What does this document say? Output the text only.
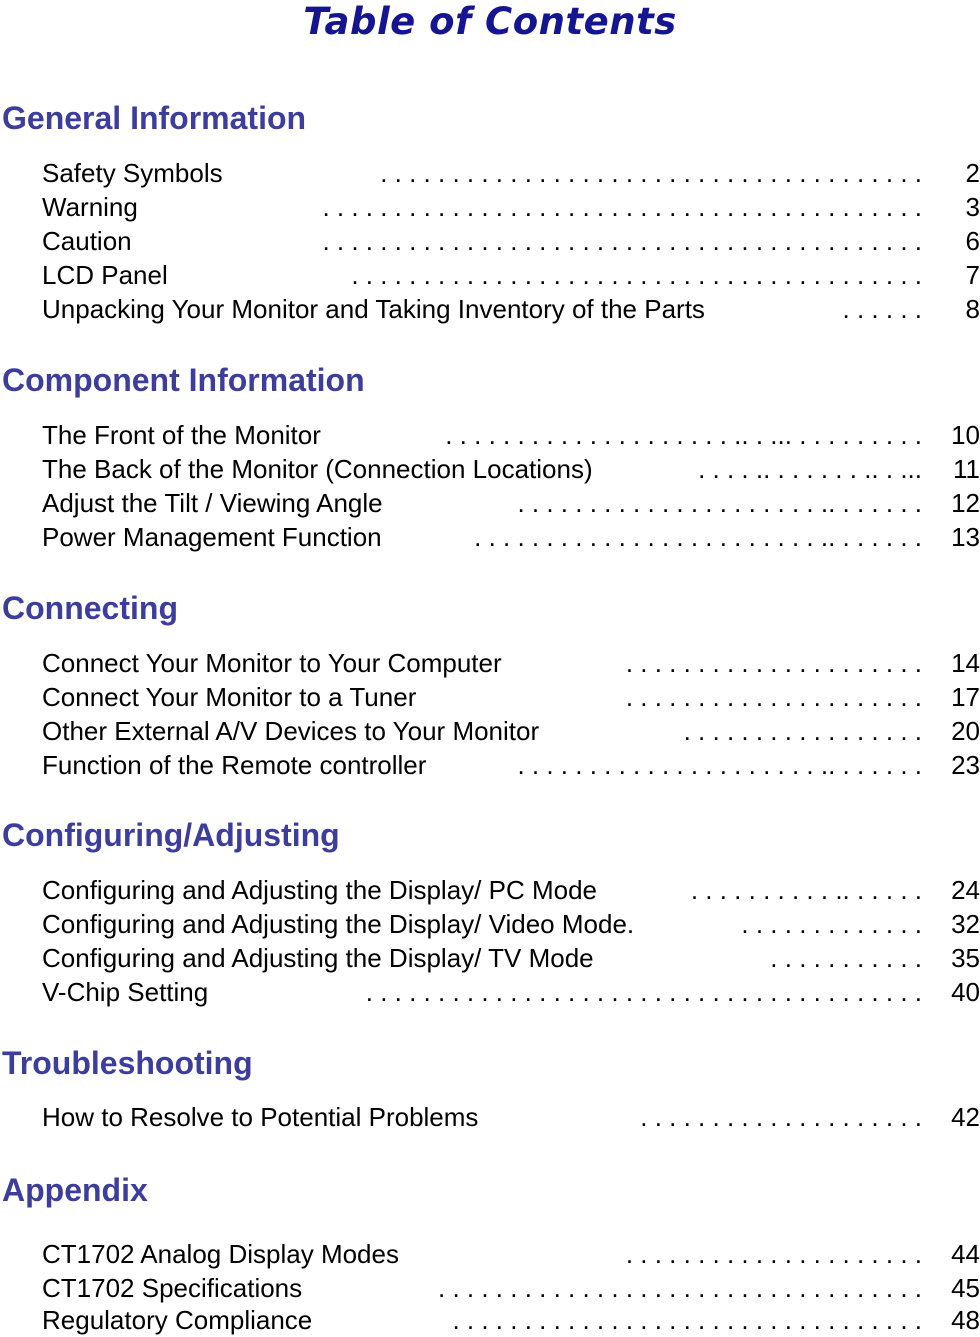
Table of Contents
General Information
Safety Symbols	. . . . . . . . . . . . . . . . . . . . . . . . . . . . . . . . . . . . . . 2
Warning	. . . . . . . . . . . . . . . . . . . . . . . . . . . . . . . . . . . . . . . . . . 3
Caution	. . . . . . . . . . . . . . . . . . . . . . . . . . . . . . . . . . . . . . . . . . 6
LCD Panel	. . . . . . . . . . . . . . . . . . . . . . . . . . . . . . . . . . . . . . . . 7
Unpacking Your Monitor and Taking Inventory of the Parts	. . . . . . 8
Component Information
The Front of the Monitor	. . . . . . . . . . . . . . . . . . . . .. . ... . . . . . . . . . 10
The Back of the Monitor (Connection Locations)	. . . . .. . . . . . . .. . ... 11
Adjust the Tilt / Viewing Angle	. . . . . . . . . . . . . . . . . . . . . .. . . . . . . 12
Power Management Function	. . . . . . . . . . . . . . . . . . . . . . . . .. . . . . . . 13
Connecting
Connect Your Monitor to Your Computer	. . . . . . . . . . . . . . . . . . . . . 14
Connect Your Monitor to a Tuner	. . . . . . . . . . . . . . . . . . . . . 17
Other External A/V Devices to Your Monitor	. . . . . . . . . . . . . . . . . 20
Function of the Remote controller	. . . . . . . . . . . . . . . . . . . . . .. . . . . . . 23
Configuring/Adjusting
Configuring and Adjusting the Display/ PC Mode	. . . . . . . . . . .. . . . . . 24
Configuring and Adjusting the Display/ Video Mode.	. . . . . . . . . . . . . 32
Configuring and Adjusting the Display/ TV Mode	. . . . . . . . . . . 35
V-Chip Setting	. . . . . . . . . . . . . . . . . . . . . . . . . . . . . . . . . . . . . . . 40
Troubleshooting
How to Resolve to Potential Problems	. . . . . . . . . . . . . . . . . . . . 42
Appendix
CT1702 Analog Display Modes	. . . . . . . . . . . . . . . . . . . . . 44
CT1702 Specifications	. . . . . . . . . . . . . . . . . . . . . . . . . . . . . . . . . . 45
Regulatory Compliance	. . . . . . . . . . . . . . . . . . . . . . . . . . . . . . . . . 48
